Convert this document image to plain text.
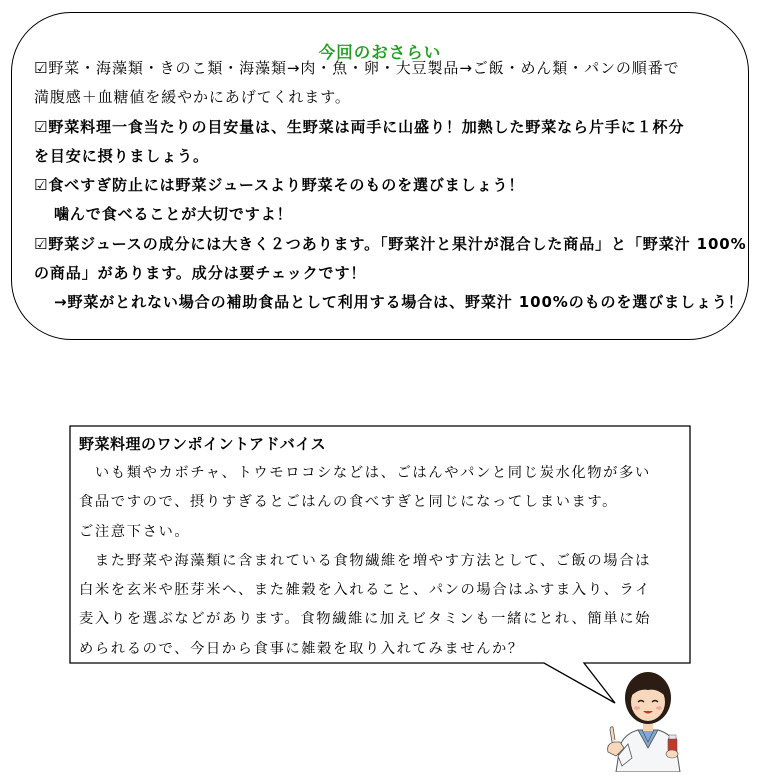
今回のおさらい
☑野菜・海藻類・きのこ類・海藻類→肉・魚・卵・大豆製品→ご飯・めん類・パンの順番で
満腹感＋血糖値を緩やかにあげてくれます。
☑野菜料理一食当たりの目安量は、生野菜は両手に山盛り！加熱した野菜なら片手に１杯分
を目安に摂りましょう。
☑食べすぎ防止には野菜ジュースより野菜そのものを選びましょう！
噛んで食べることが大切ですよ！
☑野菜ジュースの成分には大きく２つあります。「野菜汁と果汁が混合した商品」と「野菜汁 100%
の商品」があります。成分は要チェックです！
→野菜がとれない場合の補助食品として利用する場合は、野菜汁 100%のものを選びましょう！
野菜料理のワンポイントアドバイス
　いも類やカボチャ、トウモロコシなどは、ごはんやパンと同じ炭水化物が多い
食品ですので、摂りすぎるとごはんの食べすぎと同じになってしまいます。
ご注意下さい。
　また野菜や海藻類に含まれている食物繊維を増やす方法として、ご飯の場合は
白米を玄米や胚芽米へ、また雑穀を入れること、パンの場合はふすま入り、ライ
麦入りを選ぶなどがあります。食物繊維に加えビタミンも一緒にとれ、簡単に始
められるので、今日から食事に雑穀を取り入れてみませんか？
